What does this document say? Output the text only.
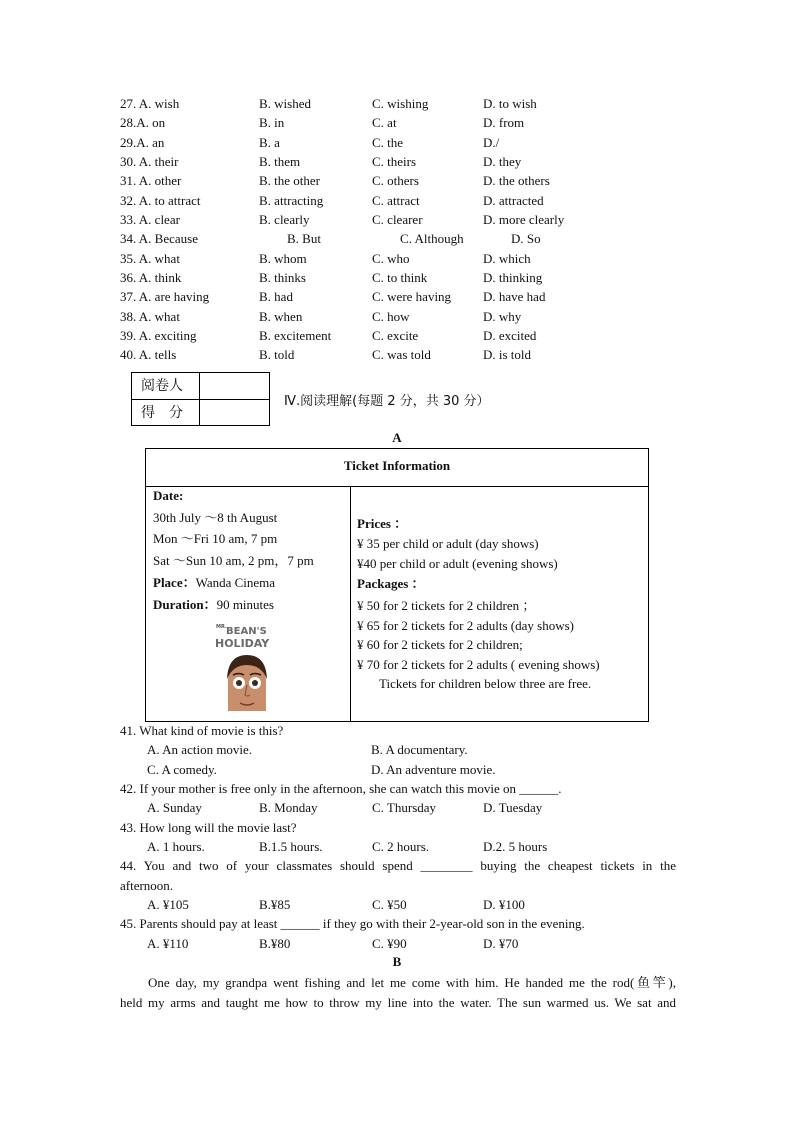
27. A. wish	B. wished	C. wishing	D. to wish
28.A. on	B. in	C. at	D. from
29.A. an	B. a	C. the	D./
30. A. their	B. them	C. theirs	D. they
31. A. other	B. the other	C. others	D. the others
32. A. to attract	B. attracting	C. attract	D. attracted
33. A. clear	B. clearly	C. clearer	D. more clearly
34. A. Because	B. But	C. Although	D. So
35. A. what	B. whom	C. who	D. which
36. A. think	B. thinks	C. to think	D. thinking
37. A. are having	B. had	C. were having D. have had
38. A. what	B. when	C. how	D. why
39. A. exciting	B. excitement	C. excite	D. excited
40. A. tells	B. told	C. was told	D. is told
阅卷人
得　分
Ⅳ.阅读理解(每题 2 分，共 30 分）
A
Ticket Information
Date:
30th July ～8 th August
Mon ～Fri 10 am, 7 pm
Sat ～Sun 10 am, 2 pm，7 pm
Place：Wanda Cinema
Duration：90 minutes
MR. BEAN'S
HOLIDAY
Prices ：
¥ 35 per child or adult (day shows)
¥40 per child or adult (evening shows)
Packages ：
¥ 50 for 2 tickets for 2 children ；
¥ 65 for 2 tickets for 2 adults (day shows)
¥ 60 for 2 tickets for 2 children;
¥ 70 for 2 tickets for 2 adults ( evening shows)
Tickets for children below three are free.
41. What kind of movie is this?
A. An action movie.	B. A documentary.
C. A comedy.	D. An adventure movie.
42. If your mother is free only in the afternoon, she can watch this movie on ______.
A. Sunday	B. Monday	C. Thursday	D. Tuesday
43. How long will the movie last?
A. 1 hours.	B.1.5 hours.	C. 2 hours.	D.2. 5 hours
44. You and two of your classmates should spend ________ buying the cheapest tickets in the
afternoon.
A. ¥105	B.¥85	C. ¥50	D. ¥100
45. Parents should pay at least ______ if they go with their 2-year-old son in the evening.
A. ¥110	B.¥80	C. ¥90	D. ¥70
B
One day, my grandpa went fishing and let me come with him. He handed me the rod(鱼竿),
held my arms and taught me how to throw my line into the water. The sun warmed us. We sat and
